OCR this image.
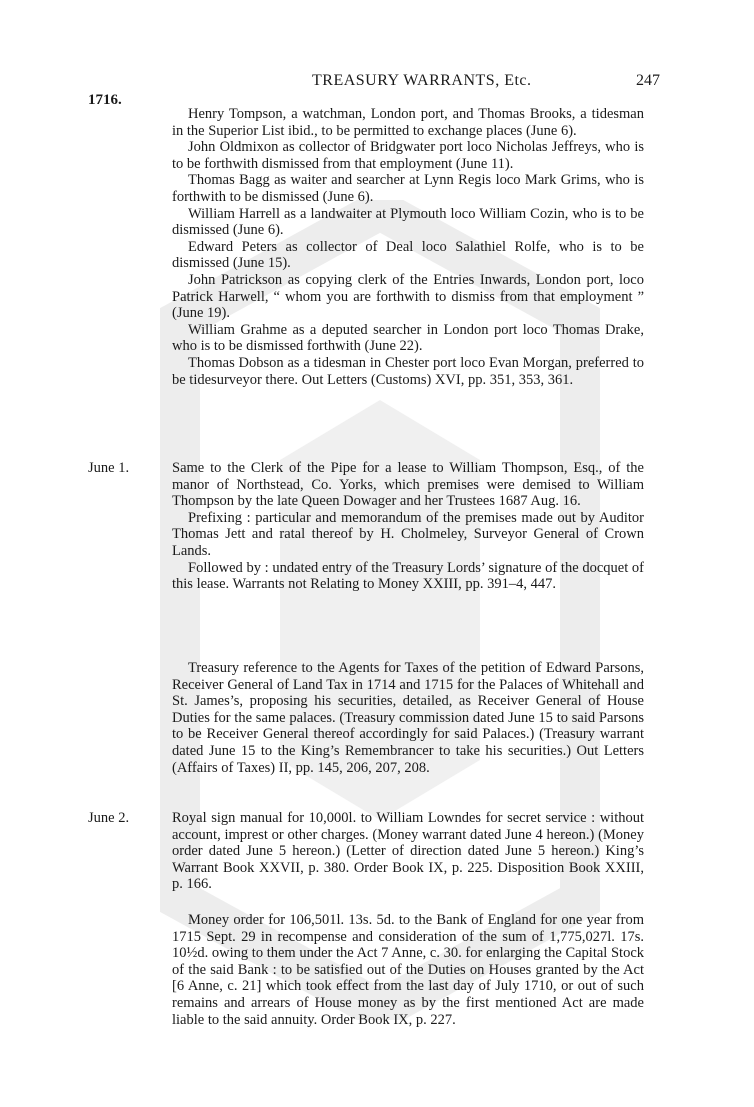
1716.
TREASURY WARRANTS, Etc.	247

Henry Tompson, a watchman, London port, and Thomas Brooks, a tidesman in the Superior List ibid., to be permitted to exchange places (June 6).

John Oldmixon as collector of Bridgwater port loco Nicholas Jeffreys, who is to be forthwith dismissed from that employment (June 11).

Thomas Bagg as waiter and searcher at Lynn Regis loco Mark Grims, who is forthwith to be dismissed (June 6).

William Harrell as a landwaiter at Plymouth loco William Cozin, who is to be dismissed (June 6).

Edward Peters as collector of Deal loco Salathiel Rolfe, who is to be dismissed (June 15).

John Patrickson as copying clerk of the Entries Inwards, London port, loco Patrick Harwell, “ whom you are forthwith to dismiss from that employment ” (June 19).

William Grahme as a deputed searcher in London port loco Thomas Drake, who is to be dismissed forthwith (June 22).

Thomas Dobson as a tidesman in Chester port loco Evan Morgan, preferred to be tidesurveyor there. Out Letters (Customs) XVI, pp. 351, 353, 361.

June 1.	Same to the Clerk of the Pipe for a lease to William Thompson, Esq., of the manor of Northstead, Co. Yorks, which premises were demised to William Thompson by the late Queen Dowager and her Trustees 1687 Aug. 16.

Prefixing : particular and memorandum of the premises made out by Auditor Thomas Jett and ratal thereof by H. Cholmeley, Surveyor General of Crown Lands.

Followed by : undated entry of the Treasury Lords’ signature of the docquet of this lease. Warrants not Relating to Money XXIII, pp. 391–4, 447.

Treasury reference to the Agents for Taxes of the petition of Edward Parsons, Receiver General of Land Tax in 1714 and 1715 for the Palaces of Whitehall and St. James’s, proposing his securities, detailed, as Receiver General of House Duties for the same palaces. (Treasury commission dated June 15 to said Parsons to be Receiver General thereof accordingly for said Palaces.) (Treasury warrant dated June 15 to the King’s Remembrancer to take his securities.) Out Letters (Affairs of Taxes) II, pp. 145, 206, 207, 208.

June 2.	Royal sign manual for 10,000l. to William Lowndes for secret service : without account, imprest or other charges. (Money warrant dated June 4 hereon.) (Money order dated June 5 hereon.) (Letter of direction dated June 5 hereon.) King’s Warrant Book XXVII, p. 380. Order Book IX, p. 225. Disposition Book XXIII, p. 166.

Money order for 106,501l. 13s. 5d. to the Bank of England for one year from 1715 Sept. 29 in recompense and consideration of the sum of 1,775,027l. 17s. 10½d. owing to them under the Act 7 Anne, c. 30. for enlarging the Capital Stock of the said Bank : to be satisfied out of the Duties on Houses granted by the Act [6 Anne, c. 21] which took effect from the last day of July 1710, or out of such remains and arrears of House money as by the first mentioned Act are made liable to the said annuity. Order Book IX, p. 227.
